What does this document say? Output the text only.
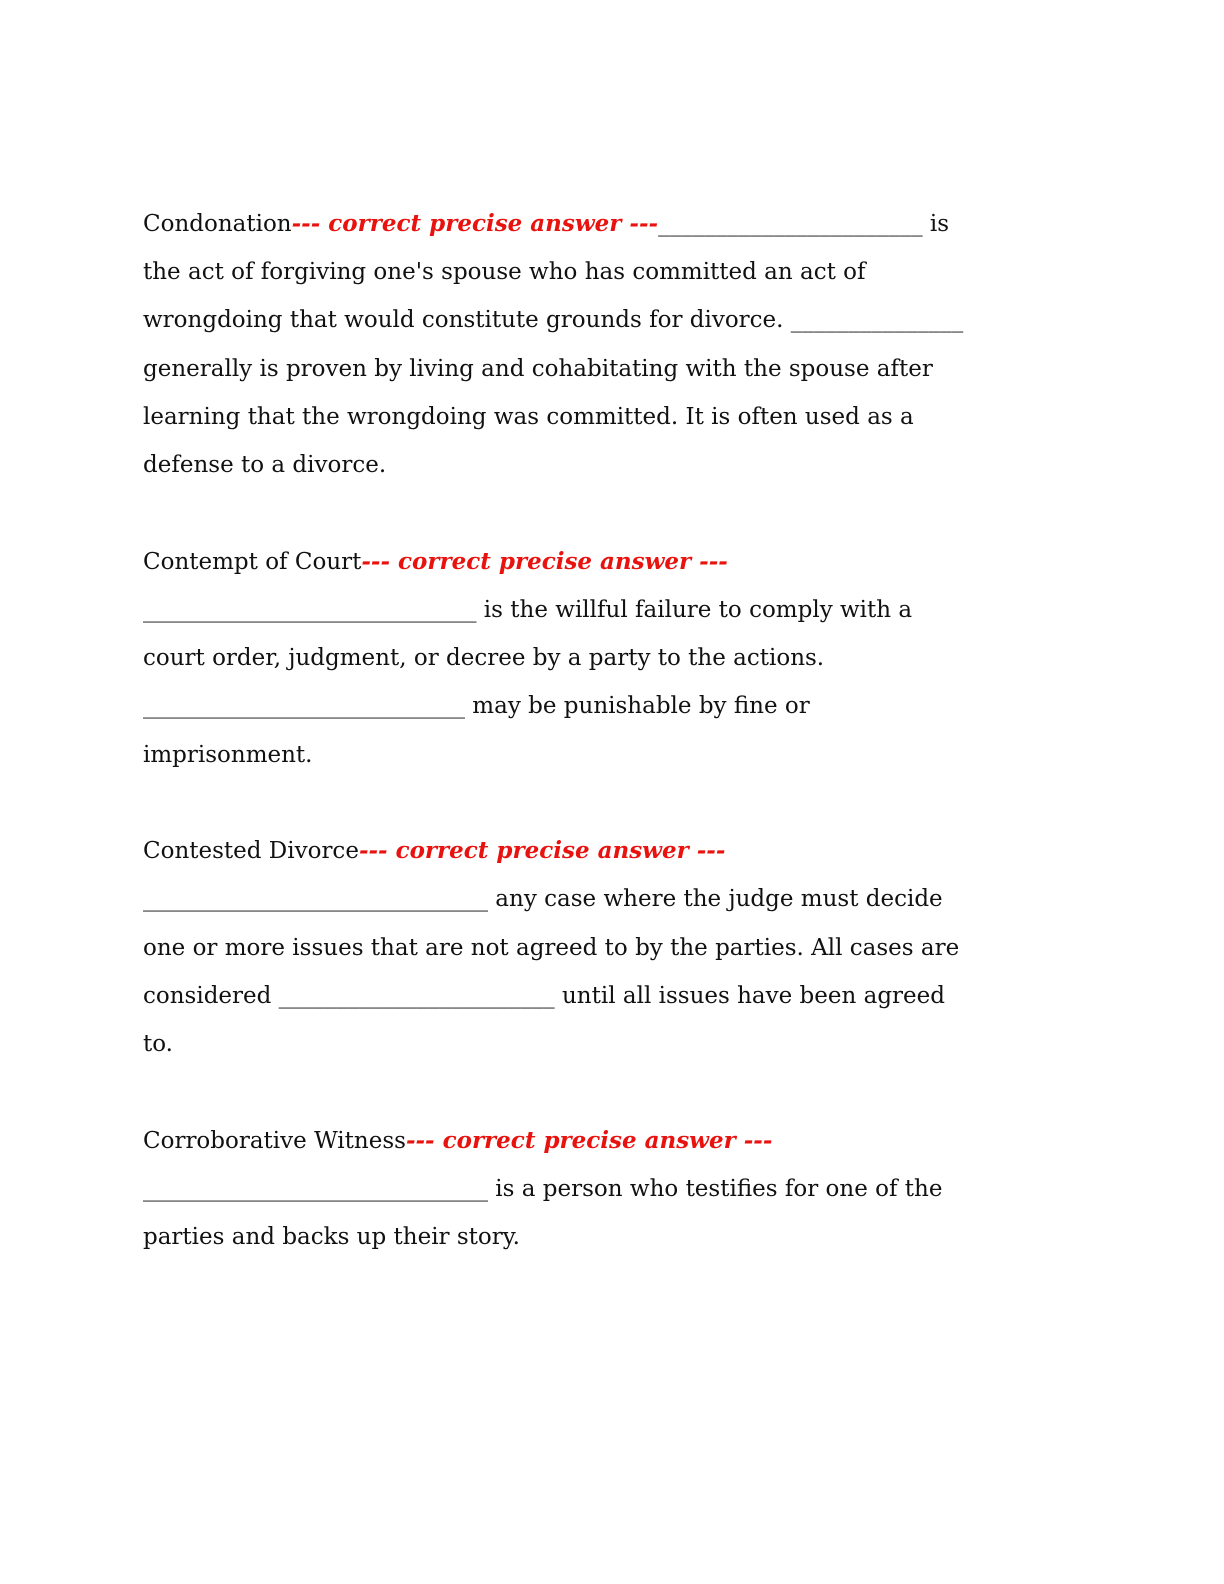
Condonation--- correct precise answer ---_______________________ is
the act of forgiving one's spouse who has committed an act of
wrongdoing that would constitute grounds for divorce. _______________
generally is proven by living and cohabitating with the spouse after
learning that the wrongdoing was committed. It is often used as a
defense to a divorce.

Contempt of Court--- correct precise answer ---
_____________________________ is the willful failure to comply with a
court order, judgment, or decree by a party to the actions.
____________________________ may be punishable by fine or
imprisonment.

Contested Divorce--- correct precise answer ---
______________________________ any case where the judge must decide
one or more issues that are not agreed to by the parties. All cases are
considered ________________________ until all issues have been agreed
to.

Corroborative Witness--- correct precise answer ---
______________________________ is a person who testifies for one of the
parties and backs up their story.
